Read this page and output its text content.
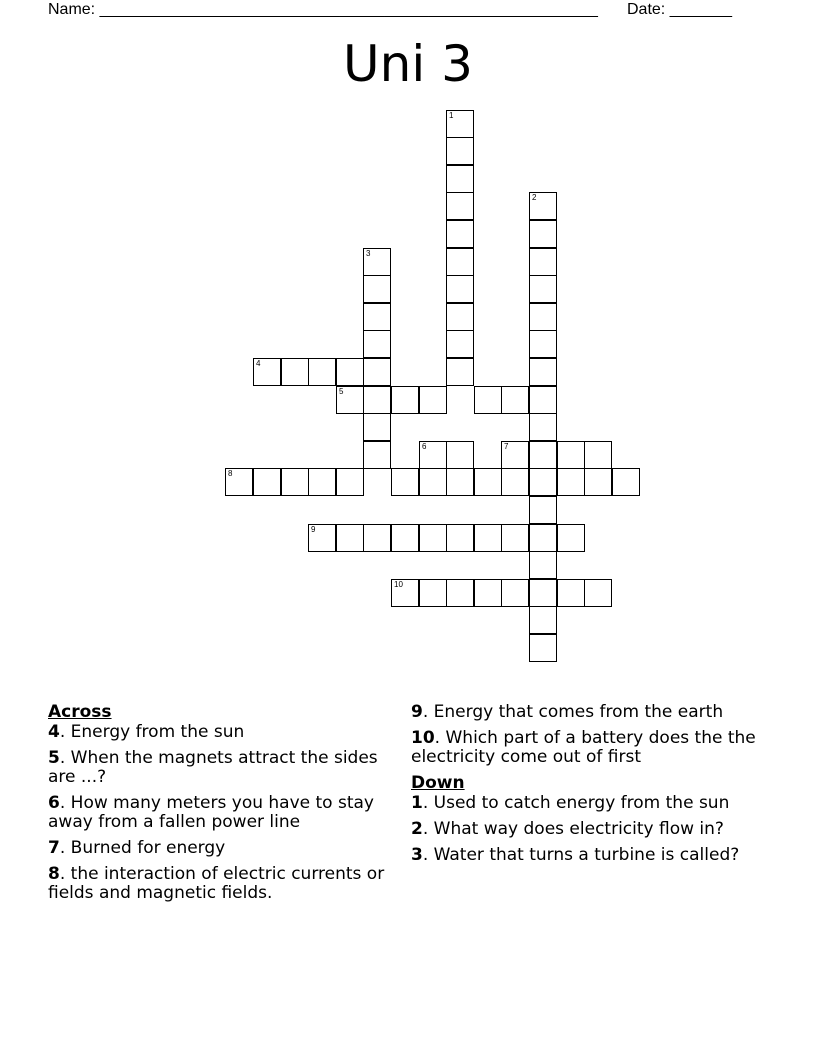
Name: ________________________________________________________ Date: _______
Uni 3
1
2
3
4
5
6	7
8
9
10
Across
4. Energy from the sun
5. When the magnets attract the sides are ...?
6. How many meters you have to stay away from a fallen power line
7. Burned for energy
8. the interaction of electric currents or fields and magnetic fields.
9. Energy that comes from the earth
10. Which part of a battery does the the electricity come out of first
Down
1. Used to catch energy from the sun
2. What way does electricity flow in?
3. Water that turns a turbine is called?
